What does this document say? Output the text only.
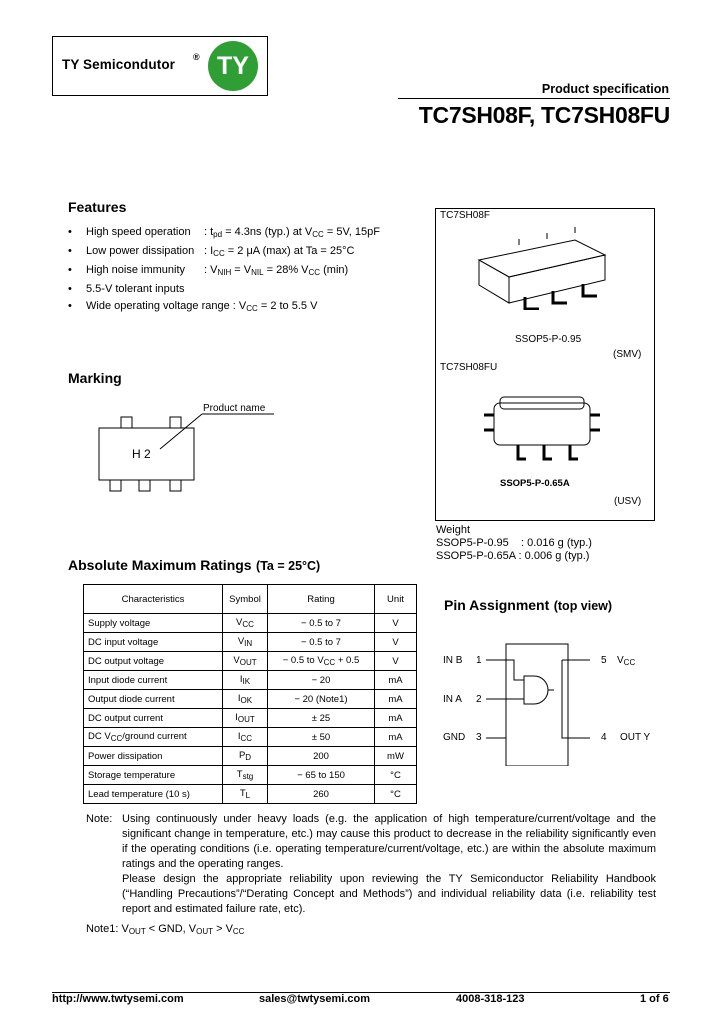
TY Semicondutor ® TY
Product specification
TC7SH08F, TC7SH08FU
Features
• High speed operation : $t_{pd} = 4.3ns$ (typ.) at $V_{CC} = 5V$, 15pF
• Low power dissipation : $I_{CC} = 2$ μA (max) at Ta = 25°C
• High noise immunity : $V_{NIH} = V_{NIL} = 28\%$ $V_{CC}$ (min)
• 5.5-V tolerant inputs
• Wide operating voltage range : $V_{CC} = 2$ to 5.5 V
Marking
Product name
H 2
TC7SH08F
SSOP5-P-0.95
(SMV)
TC7SH08FU
SSOP5-P-0.65A
(USV)
Weight
SSOP5-P-0.95    : 0.016 g (typ.)
SSOP5-P-0.65A : 0.006 g (typ.)
Absolute Maximum Ratings (Ta = 25°C)
Characteristics	Symbol	Rating	Unit
Supply voltage	$V_{CC}$	− 0.5 to 7	V
DC input voltage	$V_{IN}$	− 0.5 to 7	V
DC output voltage	$V_{OUT}$	− 0.5 to $V_{CC} + 0.5$	V
Input diode current	$I_{IK}$	− 20	mA
Output diode current	$I_{OK}$	− 20 (Note1)	mA
DC output current	$I_{OUT}$	± 25	mA
DC $V_{CC}$/ground current	$I_{CC}$	± 50	mA
Power dissipation	$P_D$	200	mW
Storage temperature	$T_{stg}$	− 65 to 150	°C
Lead temperature (10 s)	$T_L$	260	°C
Pin Assignment (top view)
IN B 1
IN A 2
GND 3	4 OUT Y
5 $V_{CC}$
Note: Using continuously under heavy loads (e.g. the application of high temperature/current/voltage and the significant change in temperature, etc.) may cause this product to decrease in the reliability significantly even if the operating conditions (i.e. operating temperature/current/voltage, etc.) are within the absolute maximum ratings and the operating ranges.
Please design the appropriate reliability upon reviewing the TY Semiconductor Reliability Handbook (“Handling Precautions”/“Derating Concept and Methods”) and individual reliability data (i.e. reliability test report and estimated failure rate, etc).
Note1: $V_{OUT}$ < GND, $V_{OUT} > V_{CC}$
http://www.twtysemi.com	sales@twtysemi.com	4008-318-123	1 of 6
